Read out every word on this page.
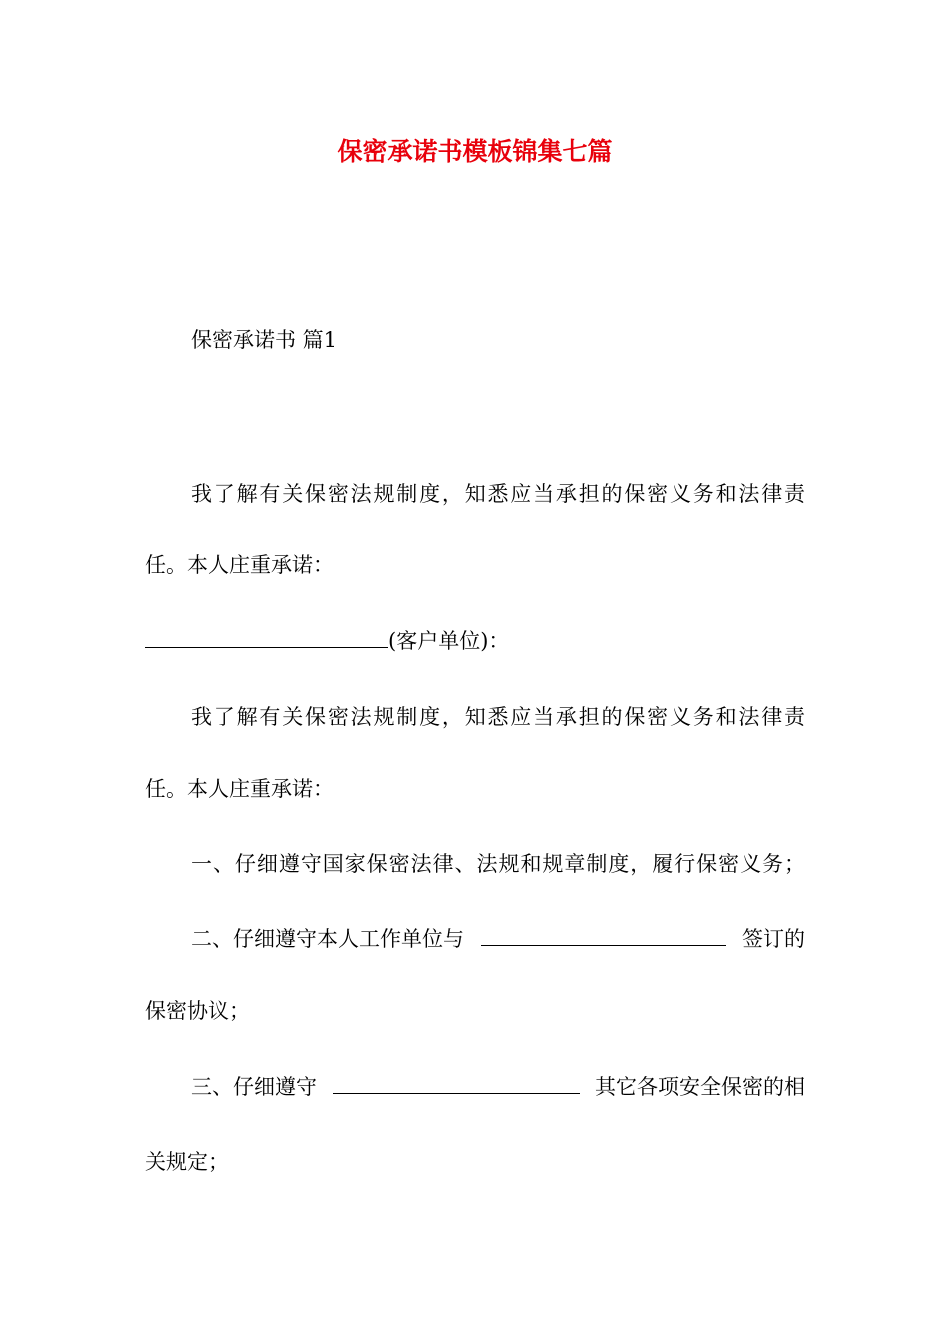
保密承诺书模板锦集七篇
保密承诺书 篇1
我了解有关保密法规制度，知悉应当承担的保密义务和法律责
任。本人庄重承诺：
(客户单位)：
我了解有关保密法规制度，知悉应当承担的保密义务和法律责
任。本人庄重承诺：
一、仔细遵守国家保密法律、法规和规章制度，履行保密义务；
二、仔细遵守本人工作单位与	签订的
保密协议；
三、仔细遵守	其它各项安全保密的相
关规定；
